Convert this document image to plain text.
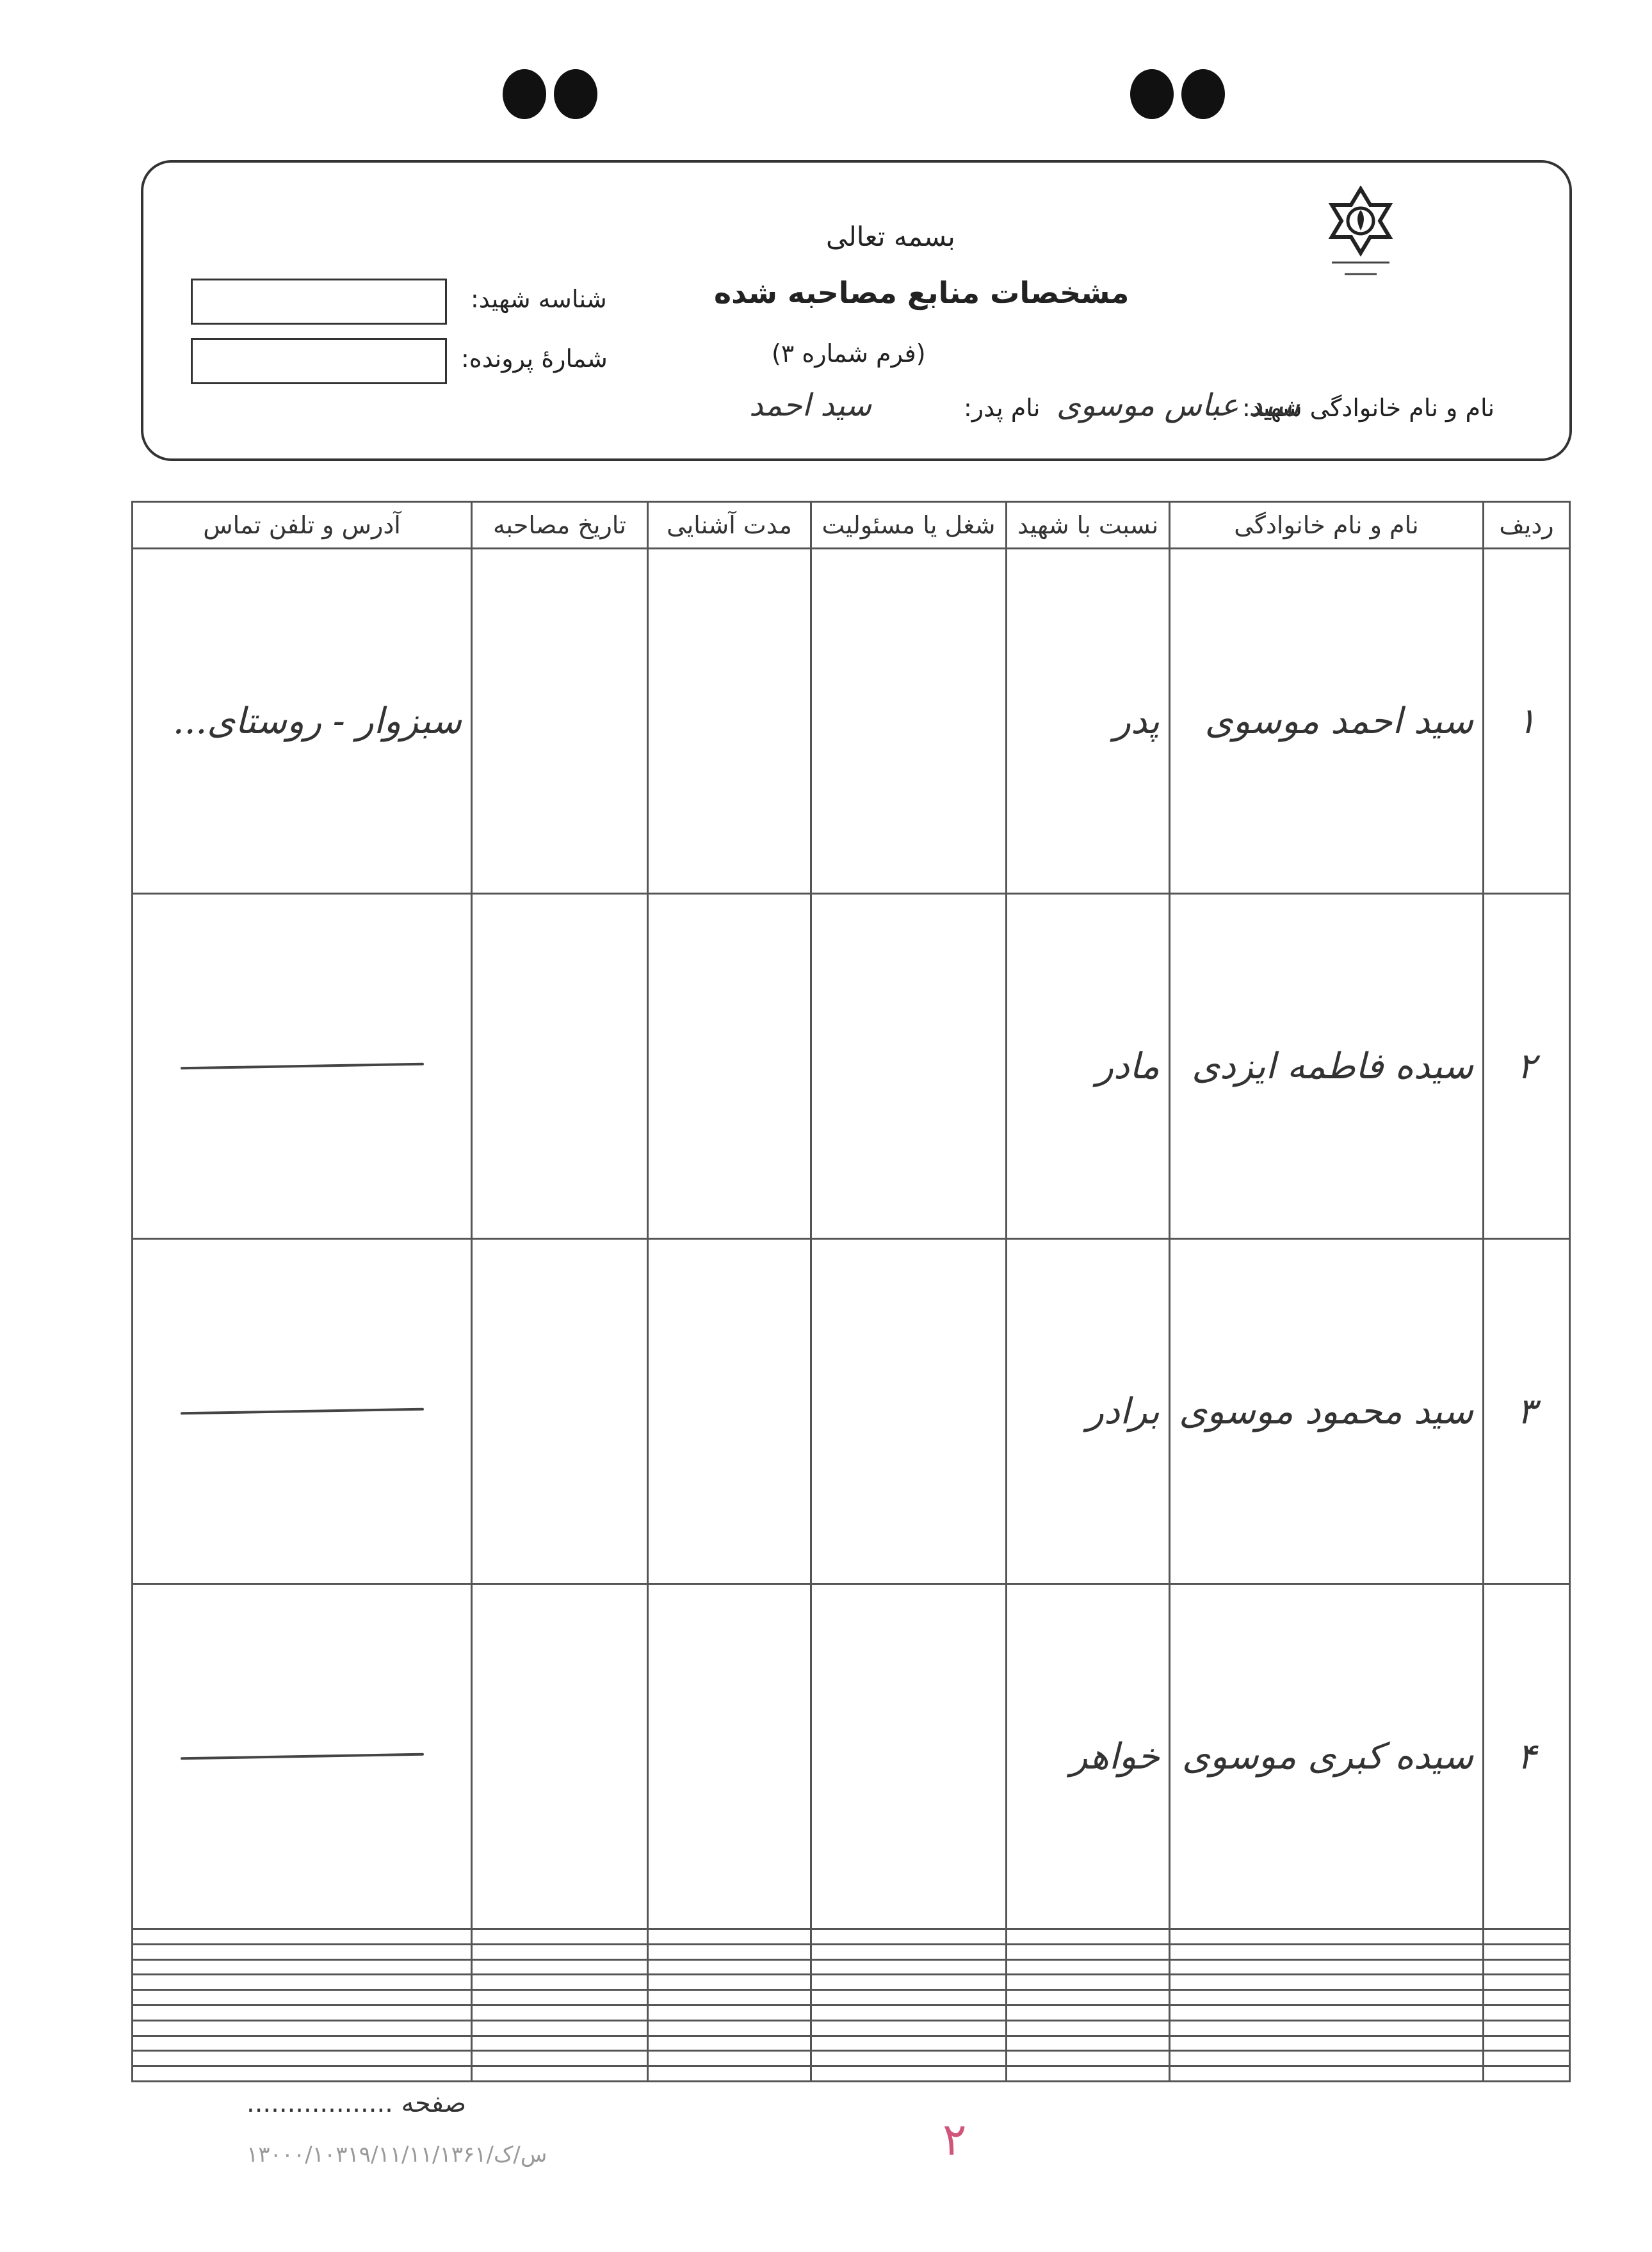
بسمه تعالی
مشخصات منابع مصاحبه شده
(فرم شماره ۳)
شناسه شهید:
شمارهٔ پرونده:
نام و نام خانوادگی شهید:
سید عباس موسوی
نام پدر:
سید احمد
ردیف	نام و نام خانوادگی	نسبت با شهید	شغل یا مسئولیت	مدت آشنایی	تاریخ مصاحبه	آدرس و تلفن تماس
۱	سید احمد موسوی	پدر				سبزوار - روستای...
۲	سیده فاطمه ایزدی	مادر				

۳	سید محمود موسوی	برادر				

۴	سیده کبری موسوی	خواهر				

صفحه ..................
۲
۱۳۰۰۰/۱۰۳۱۹/س/ک/۱۱/۱۱/۱۳۶۱
